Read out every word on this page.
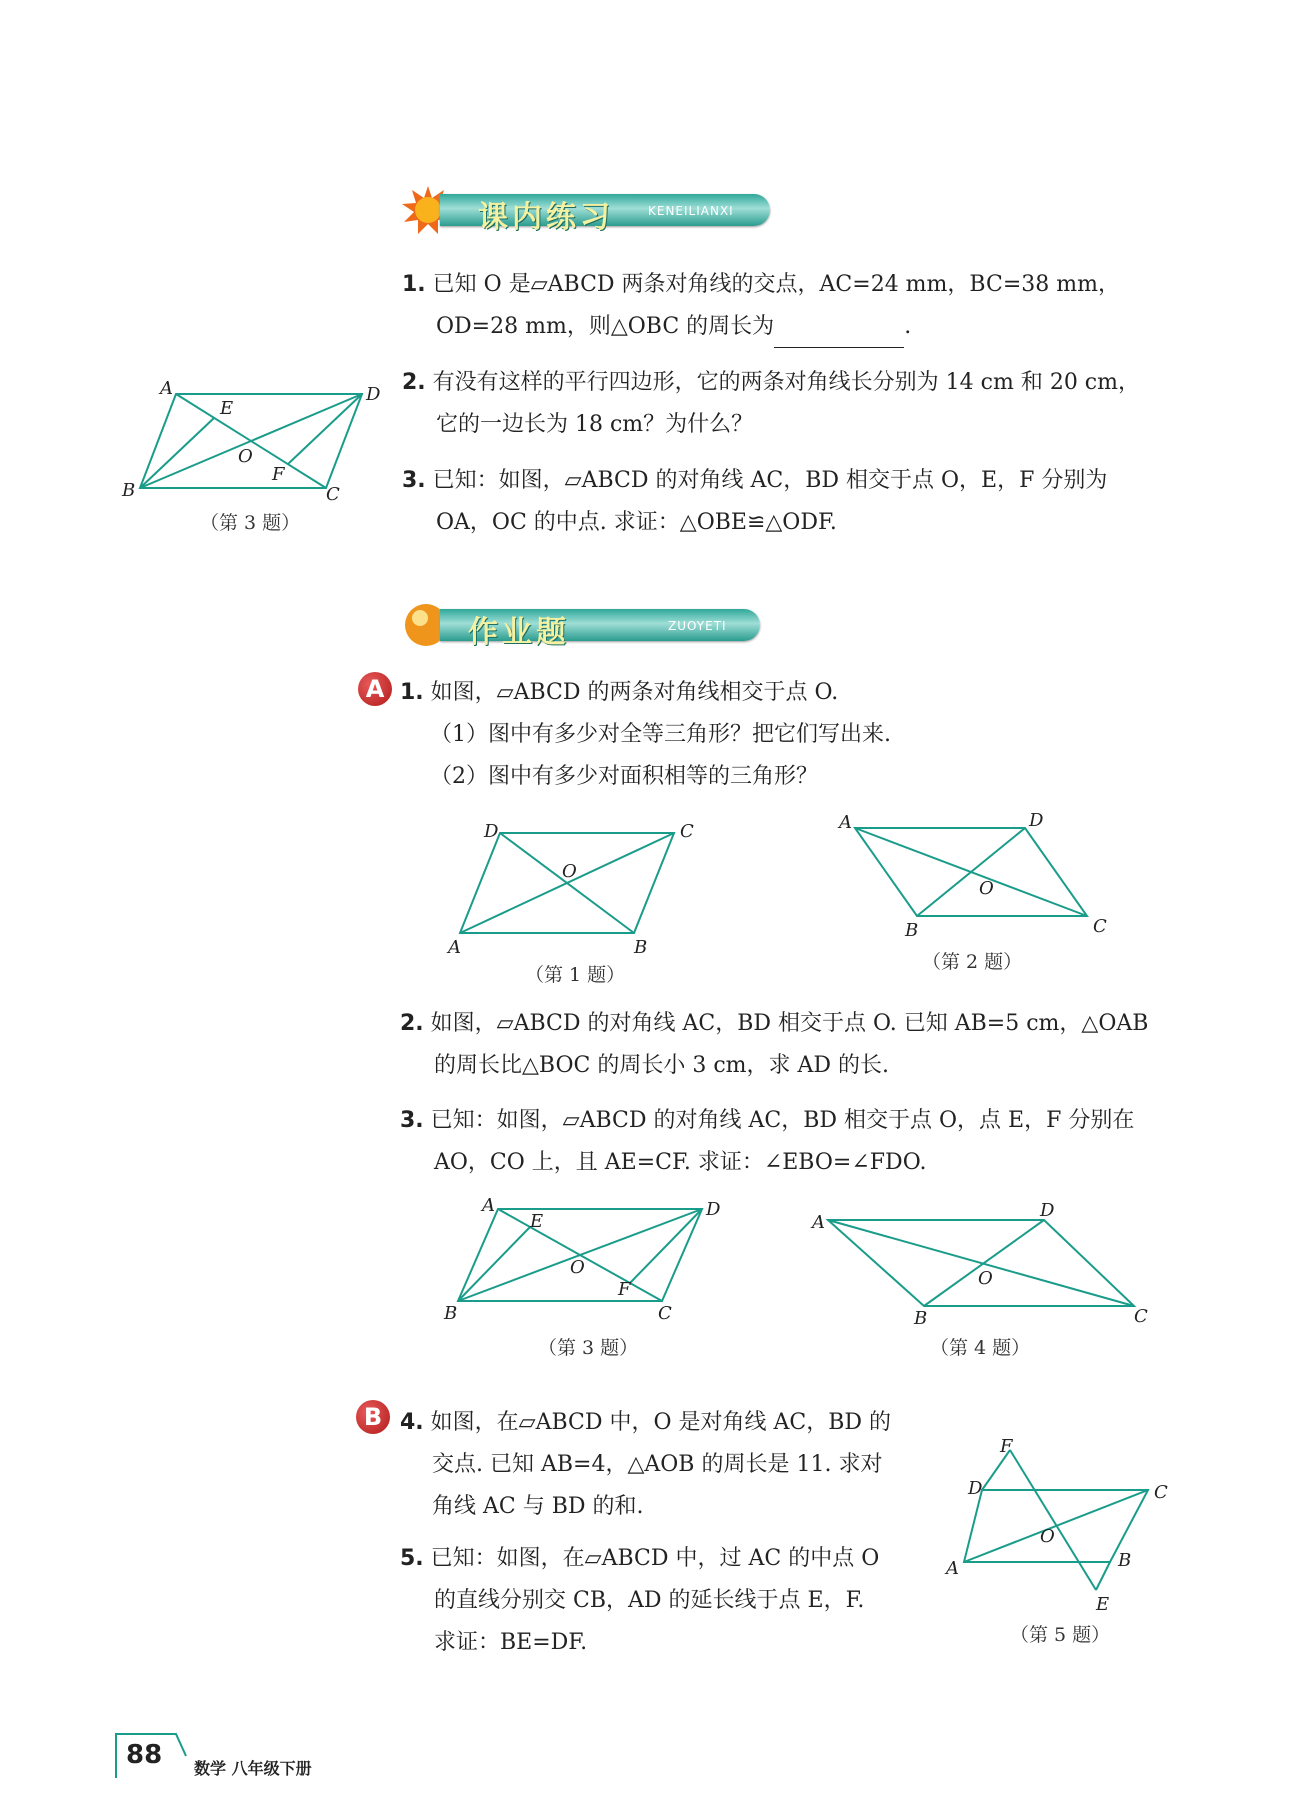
课内练习	KENEILIANXI
1. 已知 O 是▱ABCD 两条对角线的交点，AC=24 mm，BC=38 mm，
OD=28 mm，则△OBC 的周长为	.
2. 有没有这样的平行四边形，它的两条对角线长分别为 14 cm 和 20 cm，
它的一边长为 18 cm？为什么？
3. 已知：如图，▱ABCD 的对角线 AC，BD 相交于点 O，E，F 分别为
OA，OC 的中点. 求证：△OBE≌△ODF.
A	D
E
O
F
B	C
（第 3 题）
作业题	ZUOYETI
A 1. 如图，▱ABCD 的两条对角线相交于点 O.
（1）图中有多少对全等三角形？把它们写出来.
（2）图中有多少对面积相等的三角形？
D	C
O
A	B
（第 1 题）
A	D
O
B	C
（第 2 题）
2. 如图，▱ABCD 的对角线 AC，BD 相交于点 O. 已知 AB=5 cm，△OAB
的周长比△BOC 的周长小 3 cm，求 AD 的长.
3. 已知：如图，▱ABCD 的对角线 AC，BD 相交于点 O，点 E，F 分别在
AO，CO 上，且 AE=CF. 求证：∠EBO=∠FDO.
A	D
E
O
F
B	C
（第 3 题）
A
D
O
B	C
（第 4 题）
B 4. 如图，在▱ABCD 中，O 是对角线 AC，BD 的
交点. 已知 AB=4，△AOB 的周长是 11. 求对
角线 AC 与 BD 的和.
5. 已知：如图，在▱ABCD 中，过 AC 的中点 O
的直线分别交 CB，AD 的延长线于点 E，F.
求证：BE=DF.
F
D	C
O
A	B
E
（第 5 题）
88 数学 八年级下册
